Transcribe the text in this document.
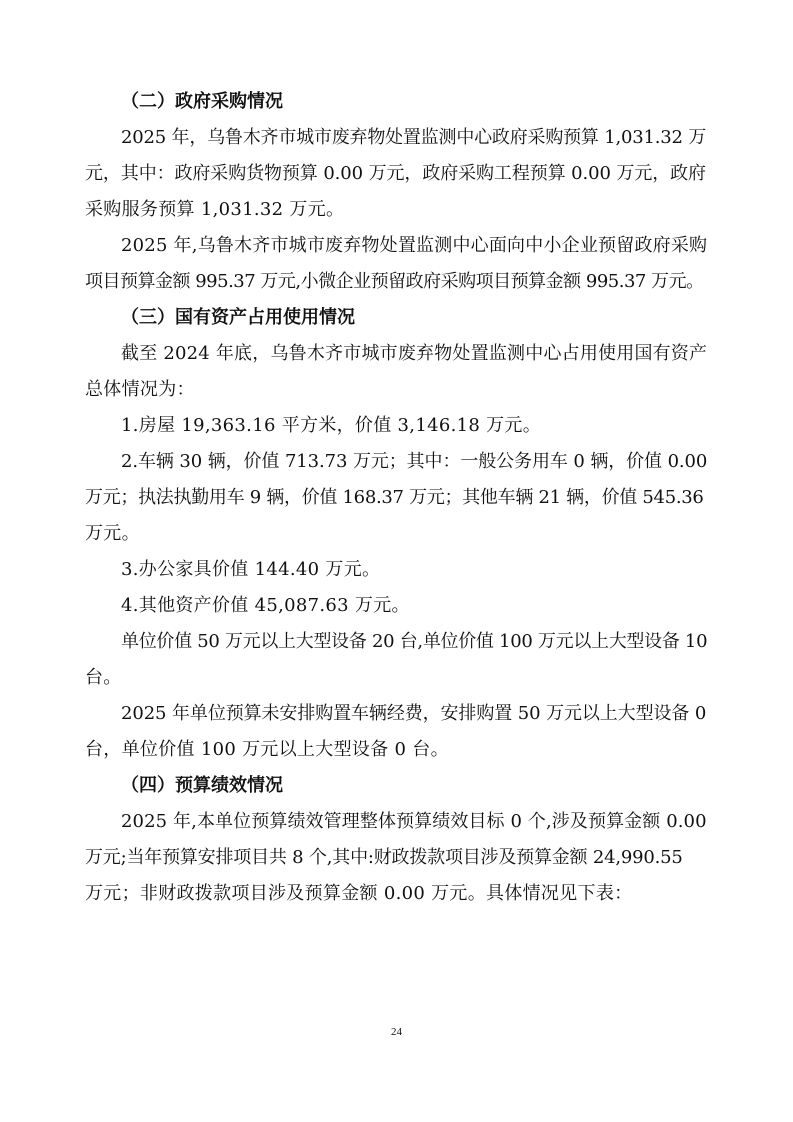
（二）政府采购情况

2025 年，乌鲁木齐市城市废弃物处置监测中心政府采购预算 1,031.32 万
元，其中：政府采购货物预算 0.00 万元，政府采购工程预算 0.00 万元，政府
采购服务预算 1,031.32 万元。

2025 年,乌鲁木齐市城市废弃物处置监测中心面向中小企业预留政府采购
项目预算金额 995.37 万元,小微企业预留政府采购项目预算金额 995.37 万元。

（三）国有资产占用使用情况

截至 2024 年底，乌鲁木齐市城市废弃物处置监测中心占用使用国有资产
总体情况为：

1.房屋 19,363.16 平方米，价值 3,146.18 万元。

2.车辆 30 辆，价值 713.73 万元；其中：一般公务用车 0 辆，价值 0.00
万元；执法执勤用车 9 辆，价值 168.37 万元；其他车辆 21 辆，价值 545.36
万元。

3.办公家具价值 144.40 万元。

4.其他资产价值 45,087.63 万元。

单位价值 50 万元以上大型设备 20 台,单位价值 100 万元以上大型设备 10
台。

2025 年单位预算未安排购置车辆经费，安排购置 50 万元以上大型设备 0
台，单位价值 100 万元以上大型设备 0 台。

（四）预算绩效情况

2025 年,本单位预算绩效管理整体预算绩效目标 0 个,涉及预算金额 0.00
万元;当年预算安排项目共 8 个,其中:财政拨款项目涉及预算金额 24,990.55
万元；非财政拨款项目涉及预算金额 0.00 万元。具体情况见下表：

24
